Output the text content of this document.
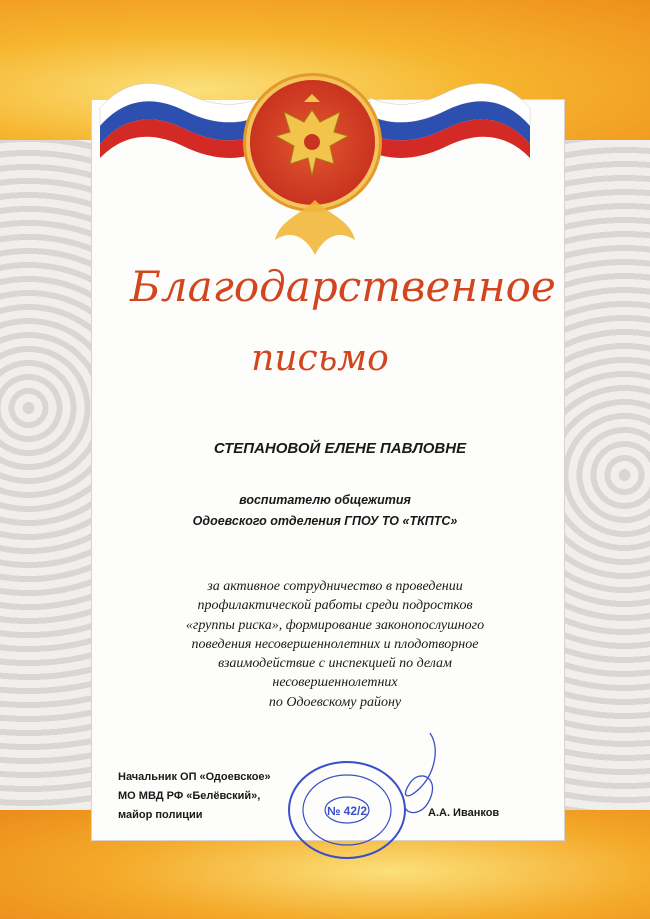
Благодарственное
письмо
СТЕПАНОВОЙ ЕЛЕНЕ ПАВЛОВНЕ
воспитателю общежития
Одоевского отделения ГПОУ ТО «ТКПТС»
за активное сотрудничество в проведении
профилактической работы среди подростков
«группы риска», формирование законопослушного
поведения несовершеннолетних и плодотворное
взаимодействие с инспекцией по делам
несовершеннолетних
по Одоевскому району
Начальник ОП «Одоевское»
МО МВД РФ «Белёвский»,
майор полиции	№ 42/2	А.А. Иванков
